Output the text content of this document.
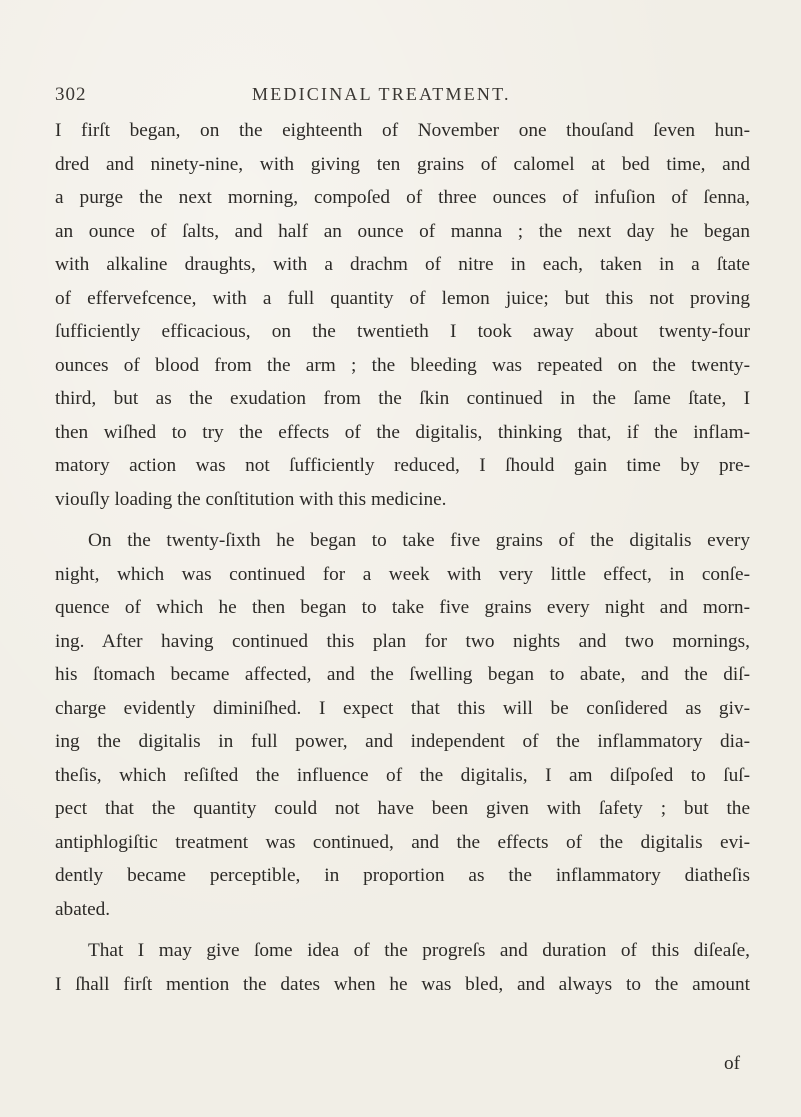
302	MEDICINAL TREATMENT.

I firſt began, on the eighteenth of November one thouſand ſeven hun-
dred and ninety-nine, with giving ten grains of calomel at bed time, and
a purge the next morning, compoſed of three ounces of infuſion of ſenna,
an ounce of ſalts, and half an ounce of manna ; the next day he began
with alkaline draughts, with a drachm of nitre in each, taken in a ſtate
of effervefcence, with a full quantity of lemon juice; but this not proving
ſufficiently efficacious, on the twentieth I took away about twenty-four
ounces of blood from the arm ; the bleeding was repeated on the twenty-
third, but as the exudation from the ſkin continued in the ſame ſtate, I
then wiſhed to try the effects of the digitalis, thinking that, if the inflam-
matory action was not ſufficiently reduced, I ſhould gain time by pre-
viouſly loading the conſtitution with this medicine.

On the twenty-ſixth he began to take five grains of the digitalis every
night, which was continued for a week with very little effect, in conſe-
quence of which he then began to take five grains every night and morn-
ing. After having continued this plan for two nights and two mornings,
his ſtomach became affected, and the ſwelling began to abate, and the diſ-
charge evidently diminiſhed. I expect that this will be conſidered as giv-
ing the digitalis in full power, and independent of the inflammatory dia-
theſis, which reſiſted the influence of the digitalis, I am diſpoſed to ſuſ-
pect that the quantity could not have been given with ſafety ; but the
antiphlogiſtic treatment was continued, and the effects of the digitalis evi-
dently became perceptible, in proportion as the inflammatory diatheſis
abated.

That I may give ſome idea of the progreſs and duration of this diſeaſe,
I ſhall firſt mention the dates when he was bled, and always to the amount

of
